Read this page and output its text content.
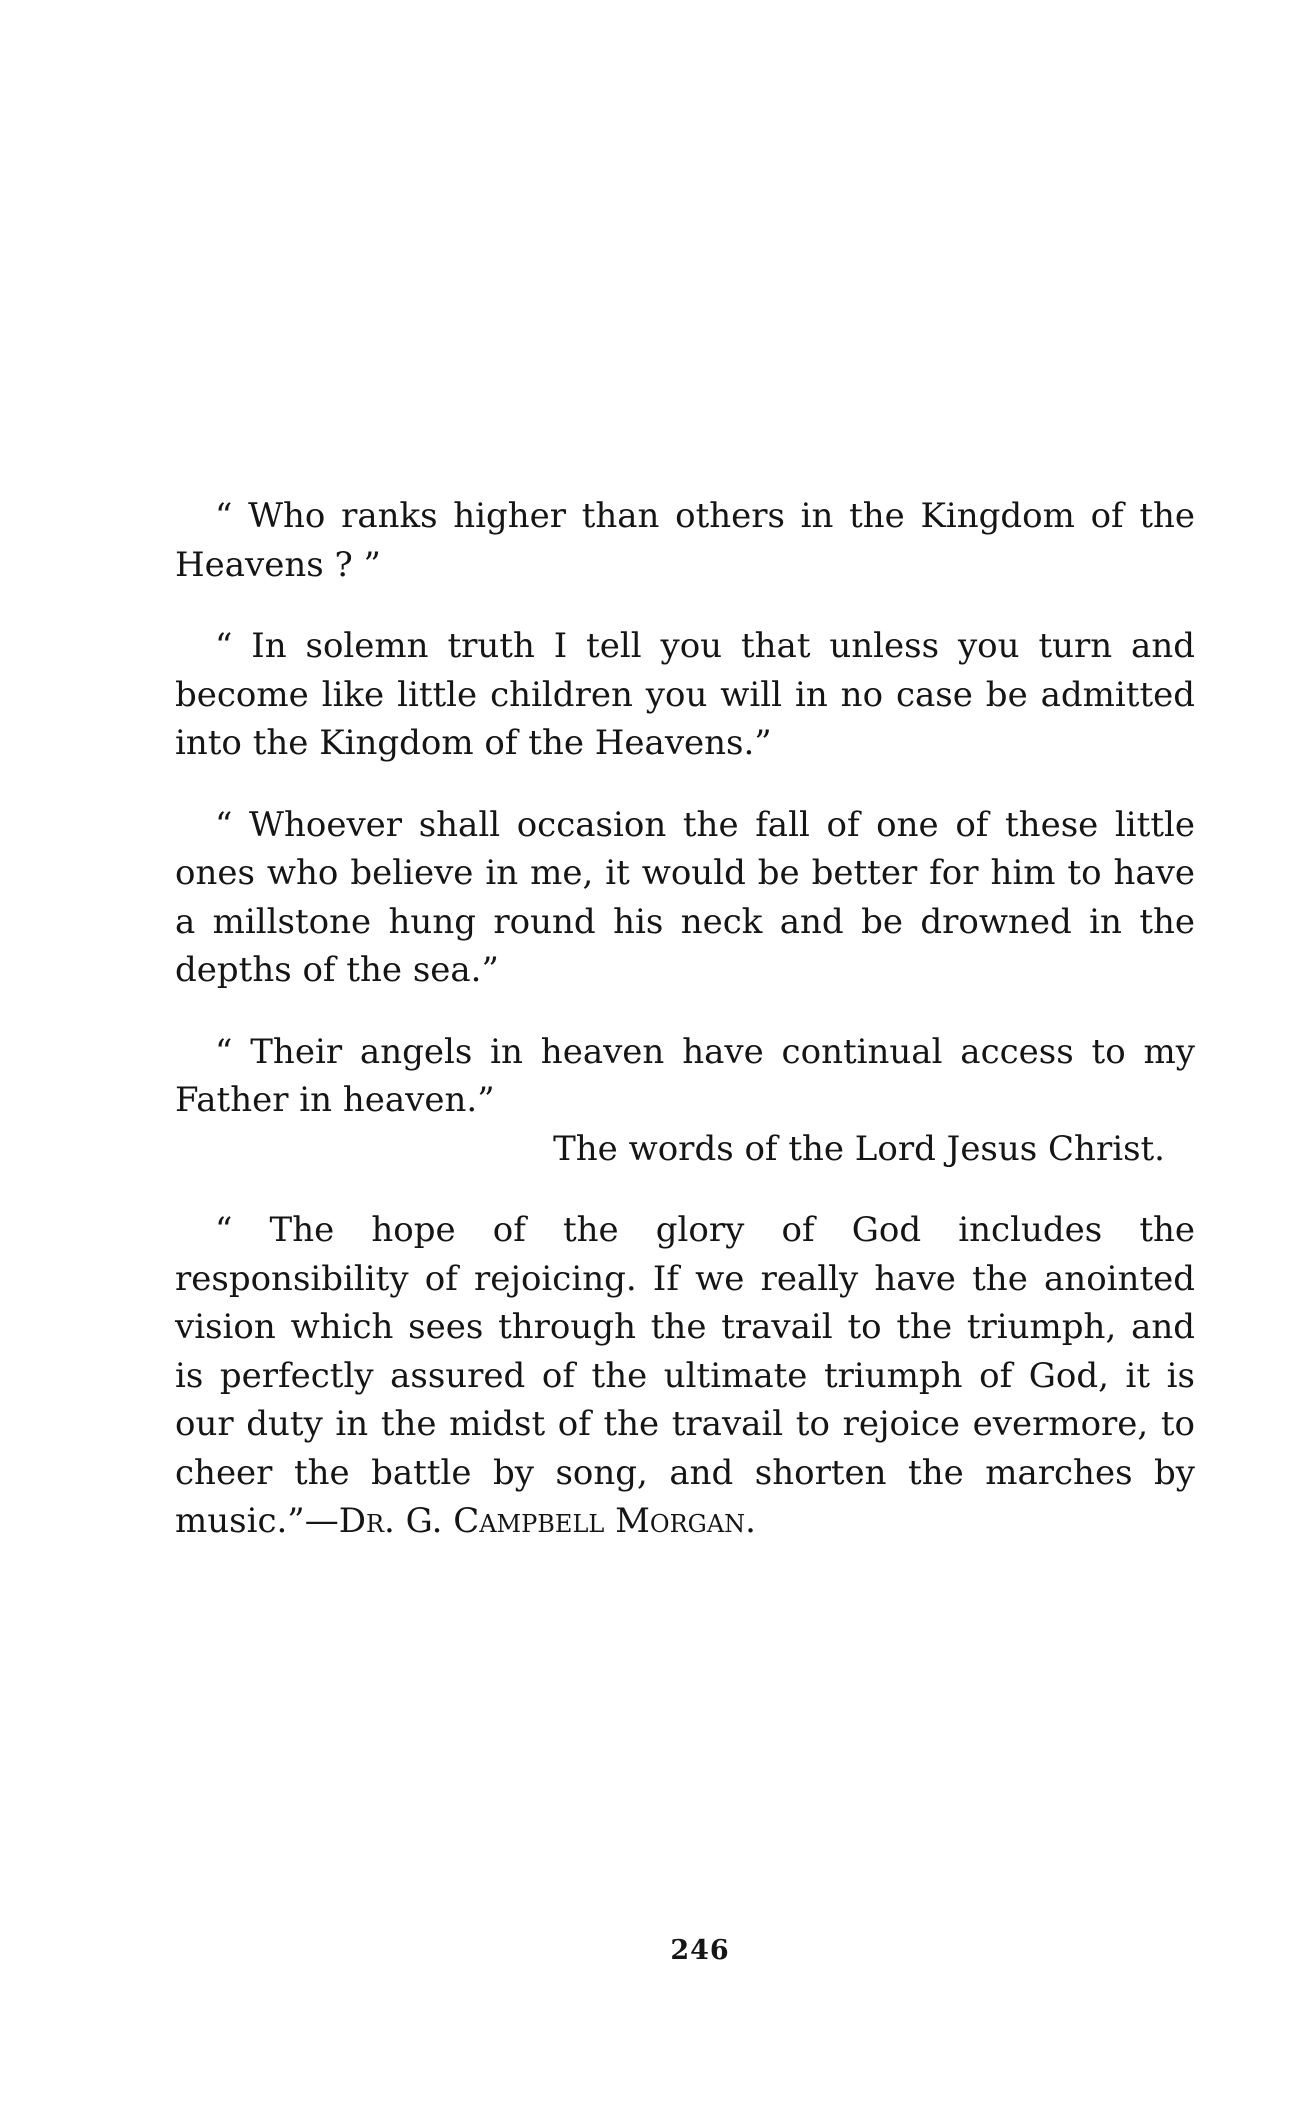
“ Who ranks higher than others in the Kingdom of the Heavens ? ”

“ In solemn truth I tell you that unless you turn and become like little children you will in no case be admitted into the Kingdom of the Heavens.”

“ Whoever shall occasion the fall of one of these little ones who believe in me, it would be better for him to have a millstone hung round his neck and be drowned in the depths of the sea.”

“ Their angels in heaven have continual access to my Father in heaven.”

The words of the Lord Jesus Christ.

“ The hope of the glory of God includes the responsibility of rejoicing. If we really have the anointed vision which sees through the travail to the triumph, and is perfectly assured of the ultimate triumph of God, it is our duty in the midst of the travail to rejoice evermore, to cheer the battle by song, and shorten the marches by music.”—Dr. G. Campbell Morgan.

246
